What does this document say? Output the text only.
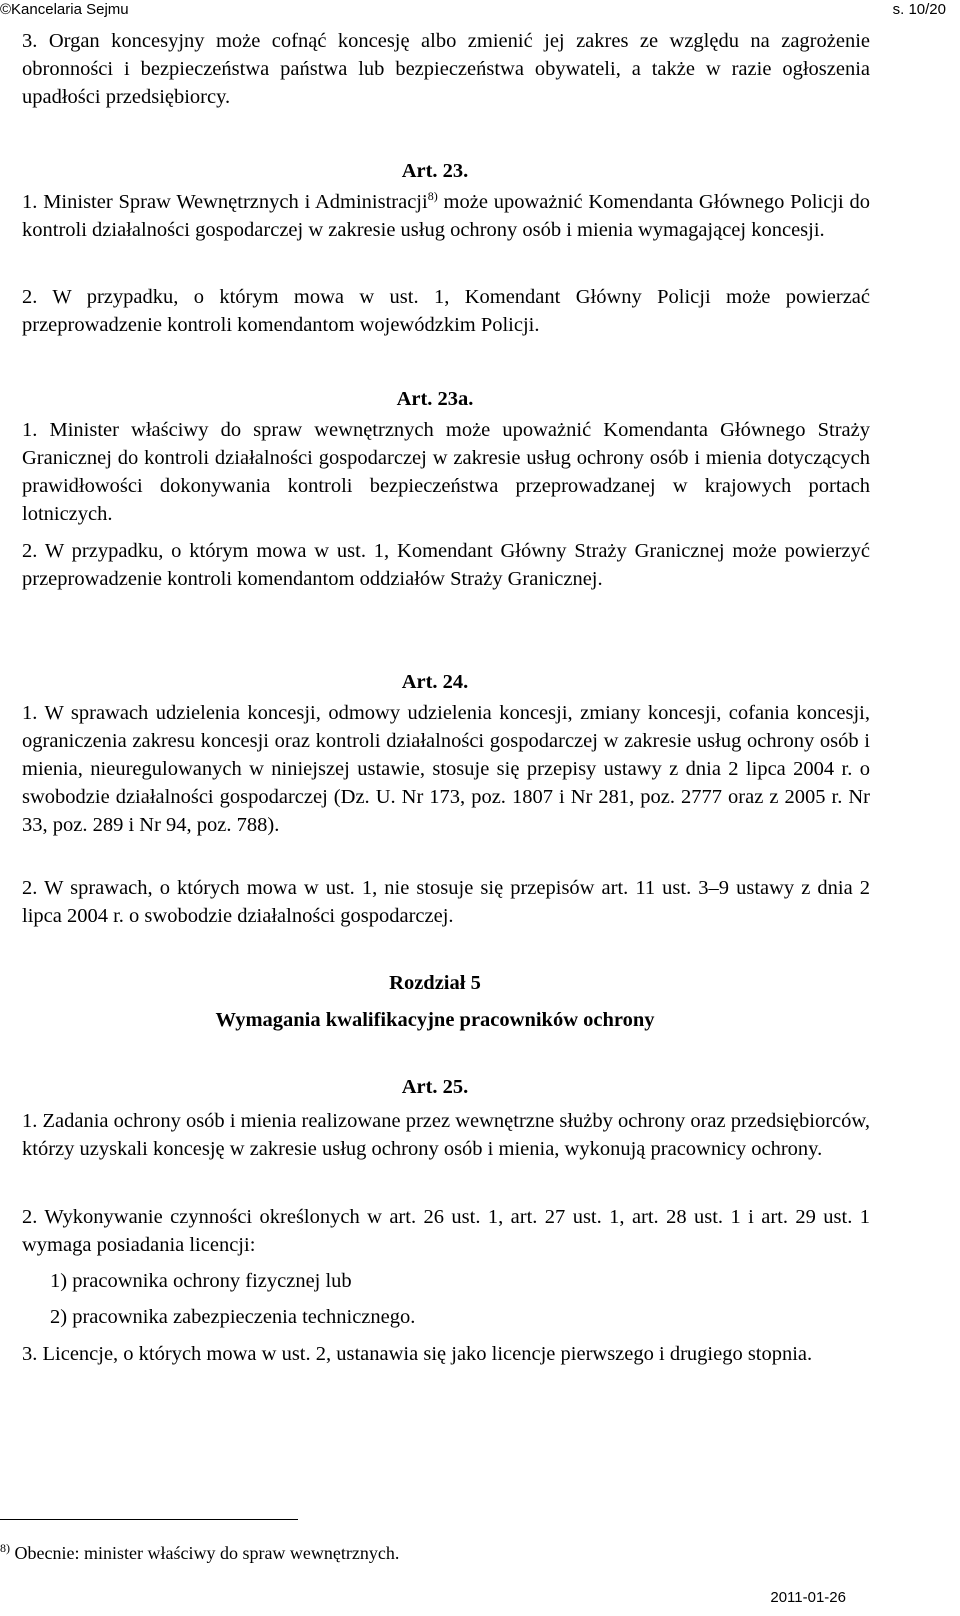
©Kancelaria Sejmu	s. 10/20
3. Organ koncesyjny może cofnąć koncesję albo zmienić jej zakres ze względu na zagrożenie obronności i bezpieczeństwa państwa lub bezpieczeństwa obywateli, a także w razie ogłoszenia upadłości przedsiębiorcy.
Art. 23.
1. Minister Spraw Wewnętrznych i Administracji$^{8)}$ może upoważnić Komendanta Głównego Policji do kontroli działalności gospodarczej w zakresie usług ochrony osób i mienia wymagającej koncesji.
2. W przypadku, o którym mowa w ust. 1, Komendant Główny Policji może powierzać przeprowadzenie kontroli komendantom wojewódzkim Policji.
Art. 23a.
1. Minister właściwy do spraw wewnętrznych może upoważnić Komendanta Głównego Straży Granicznej do kontroli działalności gospodarczej w zakresie usług ochrony osób i mienia dotyczących prawidłowości dokonywania kontroli bezpieczeństwa przeprowadzanej w krajowych portach lotniczych.
2. W przypadku, o którym mowa w ust. 1, Komendant Główny Straży Granicznej może powierzyć przeprowadzenie kontroli komendantom oddziałów Straży Granicznej.
Art. 24.
1. W sprawach udzielenia koncesji, odmowy udzielenia koncesji, zmiany koncesji, cofania koncesji, ograniczenia zakresu koncesji oraz kontroli działalności gospodarczej w zakresie usług ochrony osób i mienia, nieuregulowanych w niniejszej ustawie, stosuje się przepisy ustawy z dnia 2 lipca 2004 r. o swobodzie działalności gospodarczej (Dz. U. Nr 173, poz. 1807 i Nr 281, poz. 2777 oraz z 2005 r. Nr 33, poz. 289 i Nr 94, poz. 788).
2. W sprawach, o których mowa w ust. 1, nie stosuje się przepisów art. 11 ust. 3–9 ustawy z dnia 2 lipca 2004 r. o swobodzie działalności gospodarczej.
Rozdział 5
Wymagania kwalifikacyjne pracowników ochrony
Art. 25.
1. Zadania ochrony osób i mienia realizowane przez wewnętrzne służby ochrony oraz przedsiębiorców, którzy uzyskali koncesję w zakresie usług ochrony osób i mienia, wykonują pracownicy ochrony.
2. Wykonywanie czynności określonych w art. 26 ust. 1, art. 27 ust. 1, art. 28 ust. 1 i art. 29 ust. 1 wymaga posiadania licencji:
1) pracownika ochrony fizycznej lub
2) pracownika zabezpieczenia technicznego.
3. Licencje, o których mowa w ust. 2, ustanawia się jako licencje pierwszego i drugiego stopnia.
$^{8)}$ Obecnie: minister właściwy do spraw wewnętrznych.
2011-01-26
